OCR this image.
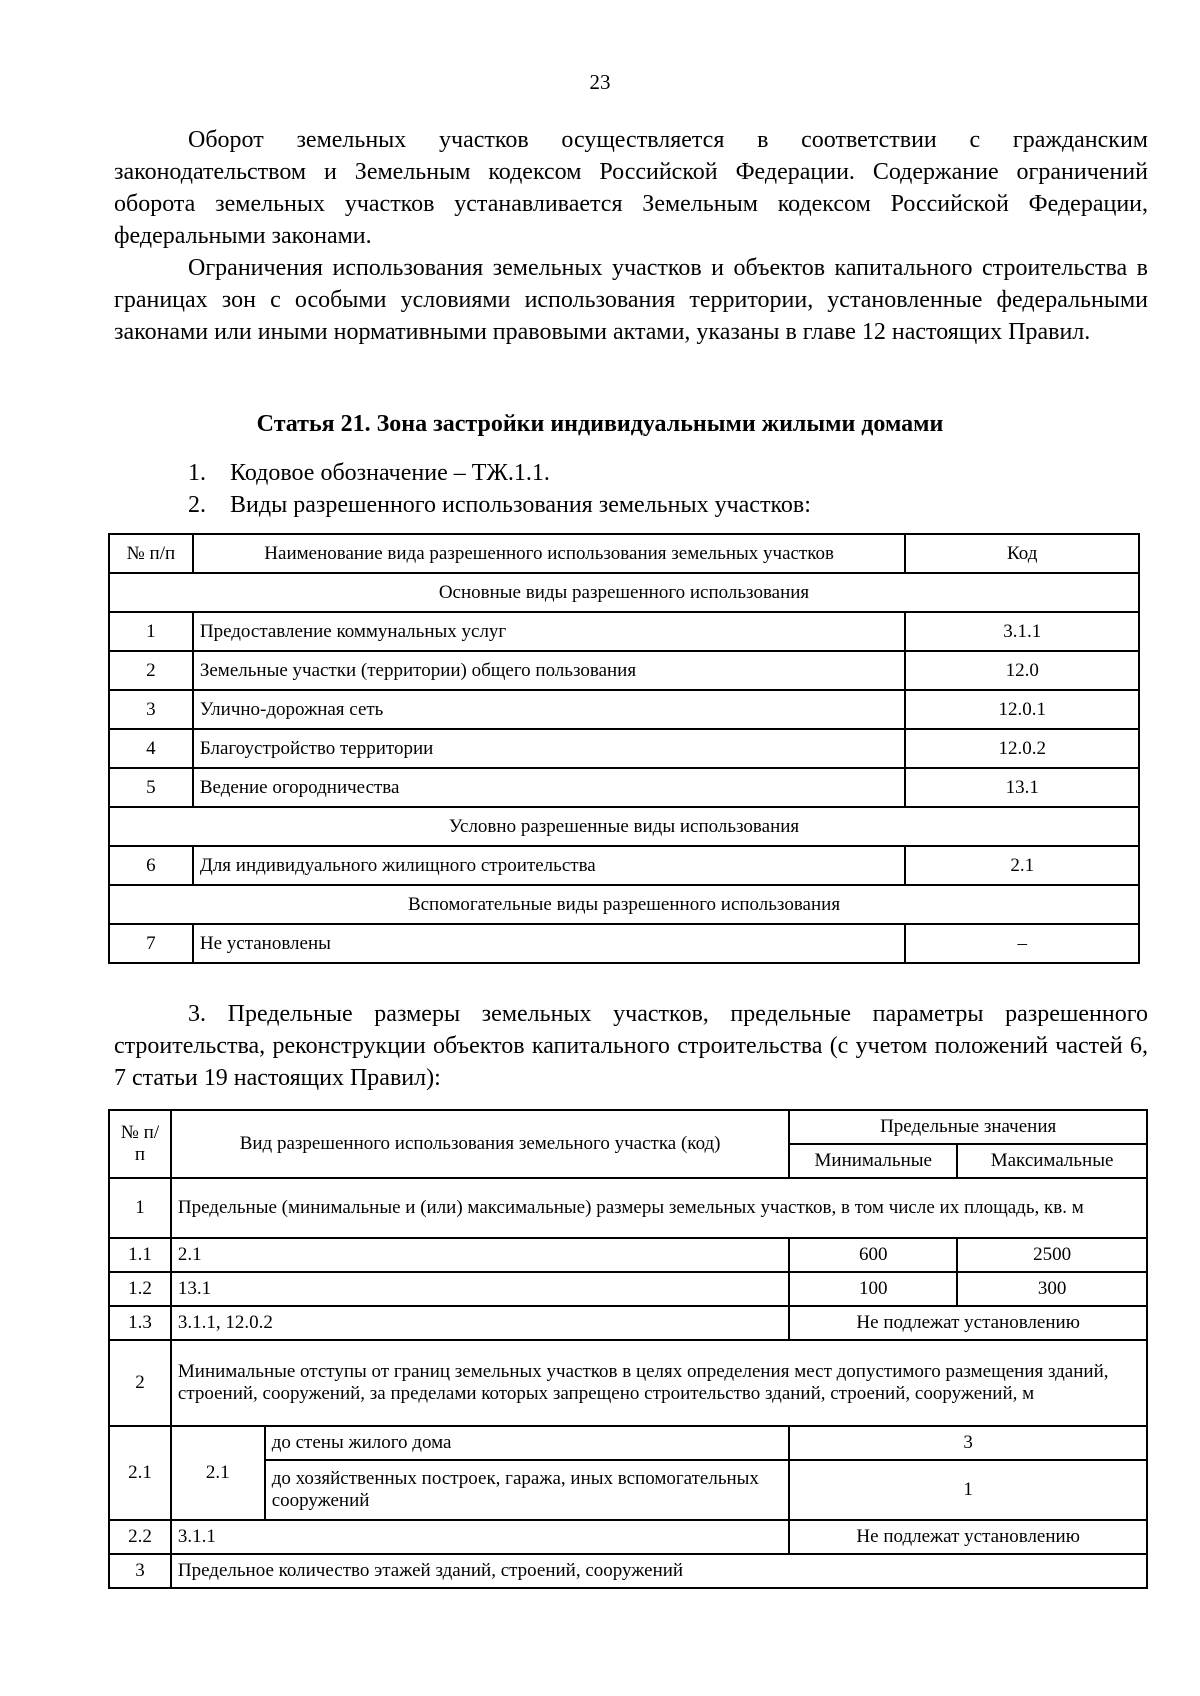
23

Оборот земельных участков осуществляется в соответствии с гражданским законодательством и Земельным кодексом Российской Федерации. Содержание ограничений оборота земельных участков устанавливается Земельным кодексом Российской Федерации, федеральными законами.

Ограничения использования земельных участков и объектов капитального строительства в границах зон с особыми условиями использования территории, установленные федеральными законами или иными нормативными правовыми актами, указаны в главе 12 настоящих Правил.

Статья 21. Зона застройки индивидуальными жилыми домами
1. Кодовое обозначение – ТЖ.1.1.
2. Виды разрешенного использования земельных участков:
№ п/п	Наименование вида разрешенного использования земельных участков	Код
Основные виды разрешенного использования		
1	Предоставление коммунальных услуг	3.1.1
2	Земельные участки (территории) общего пользования	12.0
3	Улично-дорожная сеть	12.0.1
4	Благоустройство территории	12.0.2
5	Ведение огородничества	13.1
Условно разрешенные виды использования		
6	Для индивидуального жилищного строительства	2.1
Вспомогательные виды разрешенного использования		
7	Не установлены	–

3. Предельные размеры земельных участков, предельные параметры разрешенного строительства, реконструкции объектов капитального строительства (с учетом положений частей 6, 7 статьи 19 настоящих Правил):

№ п/п	Вид разрешенного использования земельного участка (код)		Предельные значения	
			Минимальные	Максимальные
1	Предельные (минимальные и (или) максимальные) размеры земельных участков, в том числе их площадь, кв. м			
1.1	2.1		600	2500
1.2	13.1		100	300
1.3	3.1.1, 12.0.2		Не подлежат установлению	
2	Минимальные отступы от границ земельных участков в целях определения мест допустимого размещения зданий, строений, сооружений, за пределами которых запрещено строительство зданий, строений, сооружений, м			
2.1	2.1	до стены жилого дома	3	
		до хозяйственных построек, гаража, иных вспомогательных сооружений	1	
2.2	3.1.1		Не подлежат установлению	
3	Предельное количество этажей зданий, строений, сооружений			
